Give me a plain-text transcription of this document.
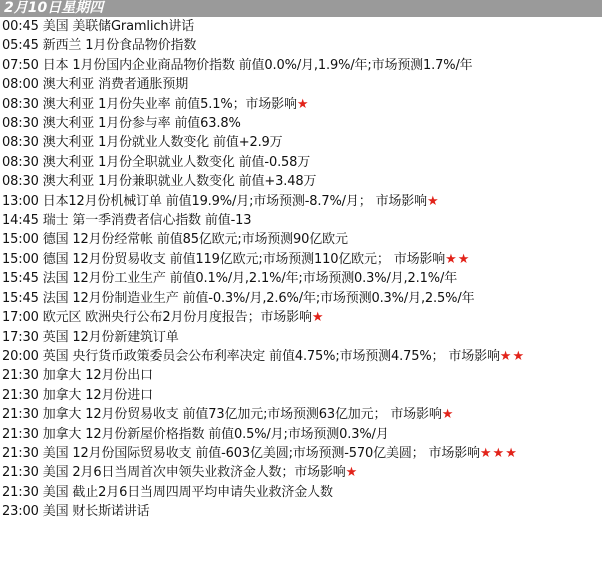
2月10日星期四
00:45 美国 美联储Gramlich讲话
05:45 新西兰 1月份食品物价指数
07:50 日本 1月份国内企业商品物价指数 前值0.0%/月,1.9%/年;市场预测1.7%/年
08:00 澳大利亚 消费者通胀预期
08:30 澳大利亚 1月份失业率 前值5.1%；市场影响★
08:30 澳大利亚 1月份参与率 前值63.8%
08:30 澳大利亚 1月份就业人数变化 前值+2.9万
08:30 澳大利亚 1月份全职就业人数变化 前值-0.58万
08:30 澳大利亚 1月份兼职就业人数变化 前值+3.48万
13:00 日本12月份机械订单 前值19.9%/月;市场预测-8.7%/月； 市场影响★
14:45 瑞士 第一季消费者信心指数 前值-13
15:00 德国 12月份经常帐 前值85亿欧元;市场预测90亿欧元
15:00 德国 12月份贸易收支 前值119亿欧元;市场预测110亿欧元； 市场影响★★
15:45 法国 12月份工业生产 前值0.1%/月,2.1%/年;市场预测0.3%/月,2.1%/年
15:45 法国 12月份制造业生产 前值-0.3%/月,2.6%/年;市场预测0.3%/月,2.5%/年
17:00 欧元区 欧洲央行公布2月份月度报告；市场影响★
17:30 英国 12月份新建筑订单
20:00 英国 央行货币政策委员会公布利率决定 前值4.75%;市场预测4.75%； 市场影响★★
21:30 加拿大 12月份出口
21:30 加拿大 12月份进口
21:30 加拿大 12月份贸易收支 前值73亿加元;市场预测63亿加元； 市场影响★
21:30 加拿大 12月份新屋价格指数 前值0.5%/月;市场预测0.3%/月
21:30 美国 12月份国际贸易收支 前值-603亿美圆;市场预测-570亿美圆； 市场影响★★★
21:30 美国 2月6日当周首次申领失业救济金人数；市场影响★
21:30 美国 截止2月6日当周四周平均申请失业救济金人数
23:00 美国 财长斯诺讲话
